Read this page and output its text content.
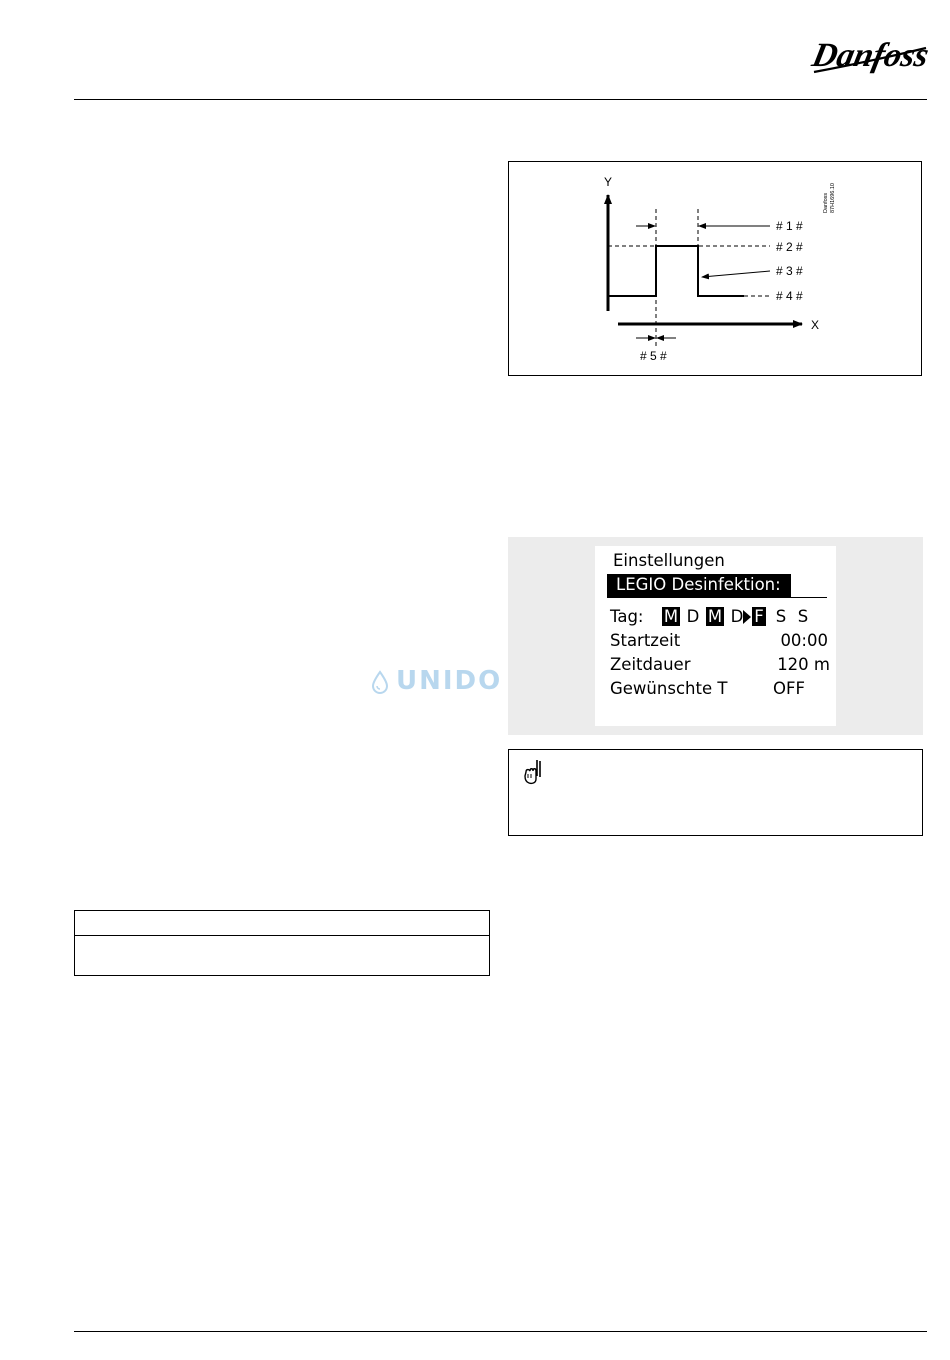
Danfoss
Y
X
# 1 #
# 2 #
# 3 #
# 4 #
# 5 #
Danfoss 87H1696.10
UNIDO
Einstellungen
LEGIO Desinfektion:
Tag: M D M D F S S
Startzeit	00:00
Zeitdauer	120 m
Gewünschte T	OFF
